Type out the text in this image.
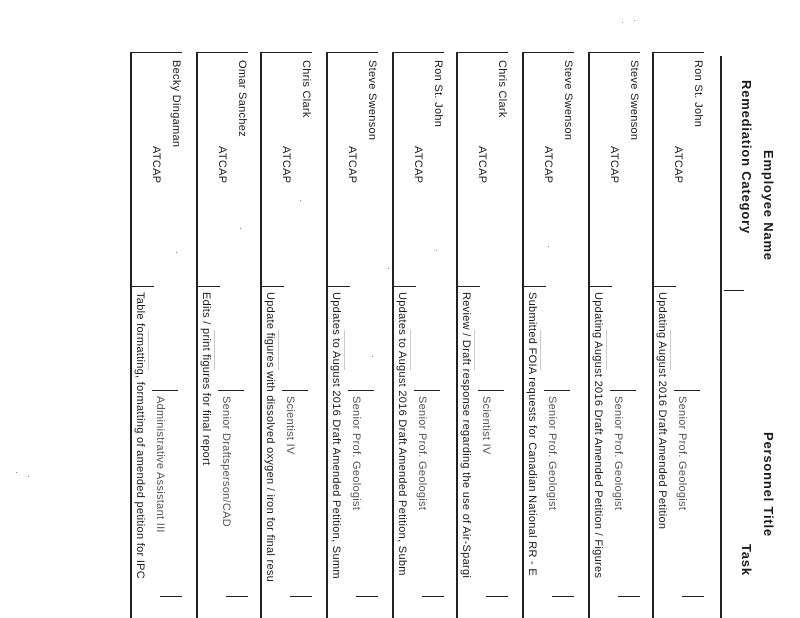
Employee Name
Remediation Category
Personnel Title
Task
Ron St. John
ATCAP
Updating August 2016 Draft Amended Petition Senior Prof. Geologist
Steve Swenson
ATCAP
Updating August 2016 Draft Amended Petition / Figures Senior Prof. Geologist
Steve Swenson
ATCAP
Submitted FOIA requests for Canadian National RR - E Senior Prof. Geologist
Chris Clark
ATCAP
Review / Draft response regarding the use of Air-Spargi Scientist IV
Ron St. John
ATCAP
Updates to August 2016 Draft Amended Petition, Subm Senior Prof. Geologist
Steve Swenson
ATCAP
Updates to August 2016 Draft Amended Petition, Summ Senior Prof. Geologist
Chris Clark
ATCAP
Update figures with dissolved oxygen / iron for final resu Scientist IV
Omar Sanchez
ATCAP
Edits / print figures for final report Senior Draftsperson/CAD
Becky Dingaman
ATCAP
Table formatting, formatting of amended petition for IPC Administrative Assistant III
